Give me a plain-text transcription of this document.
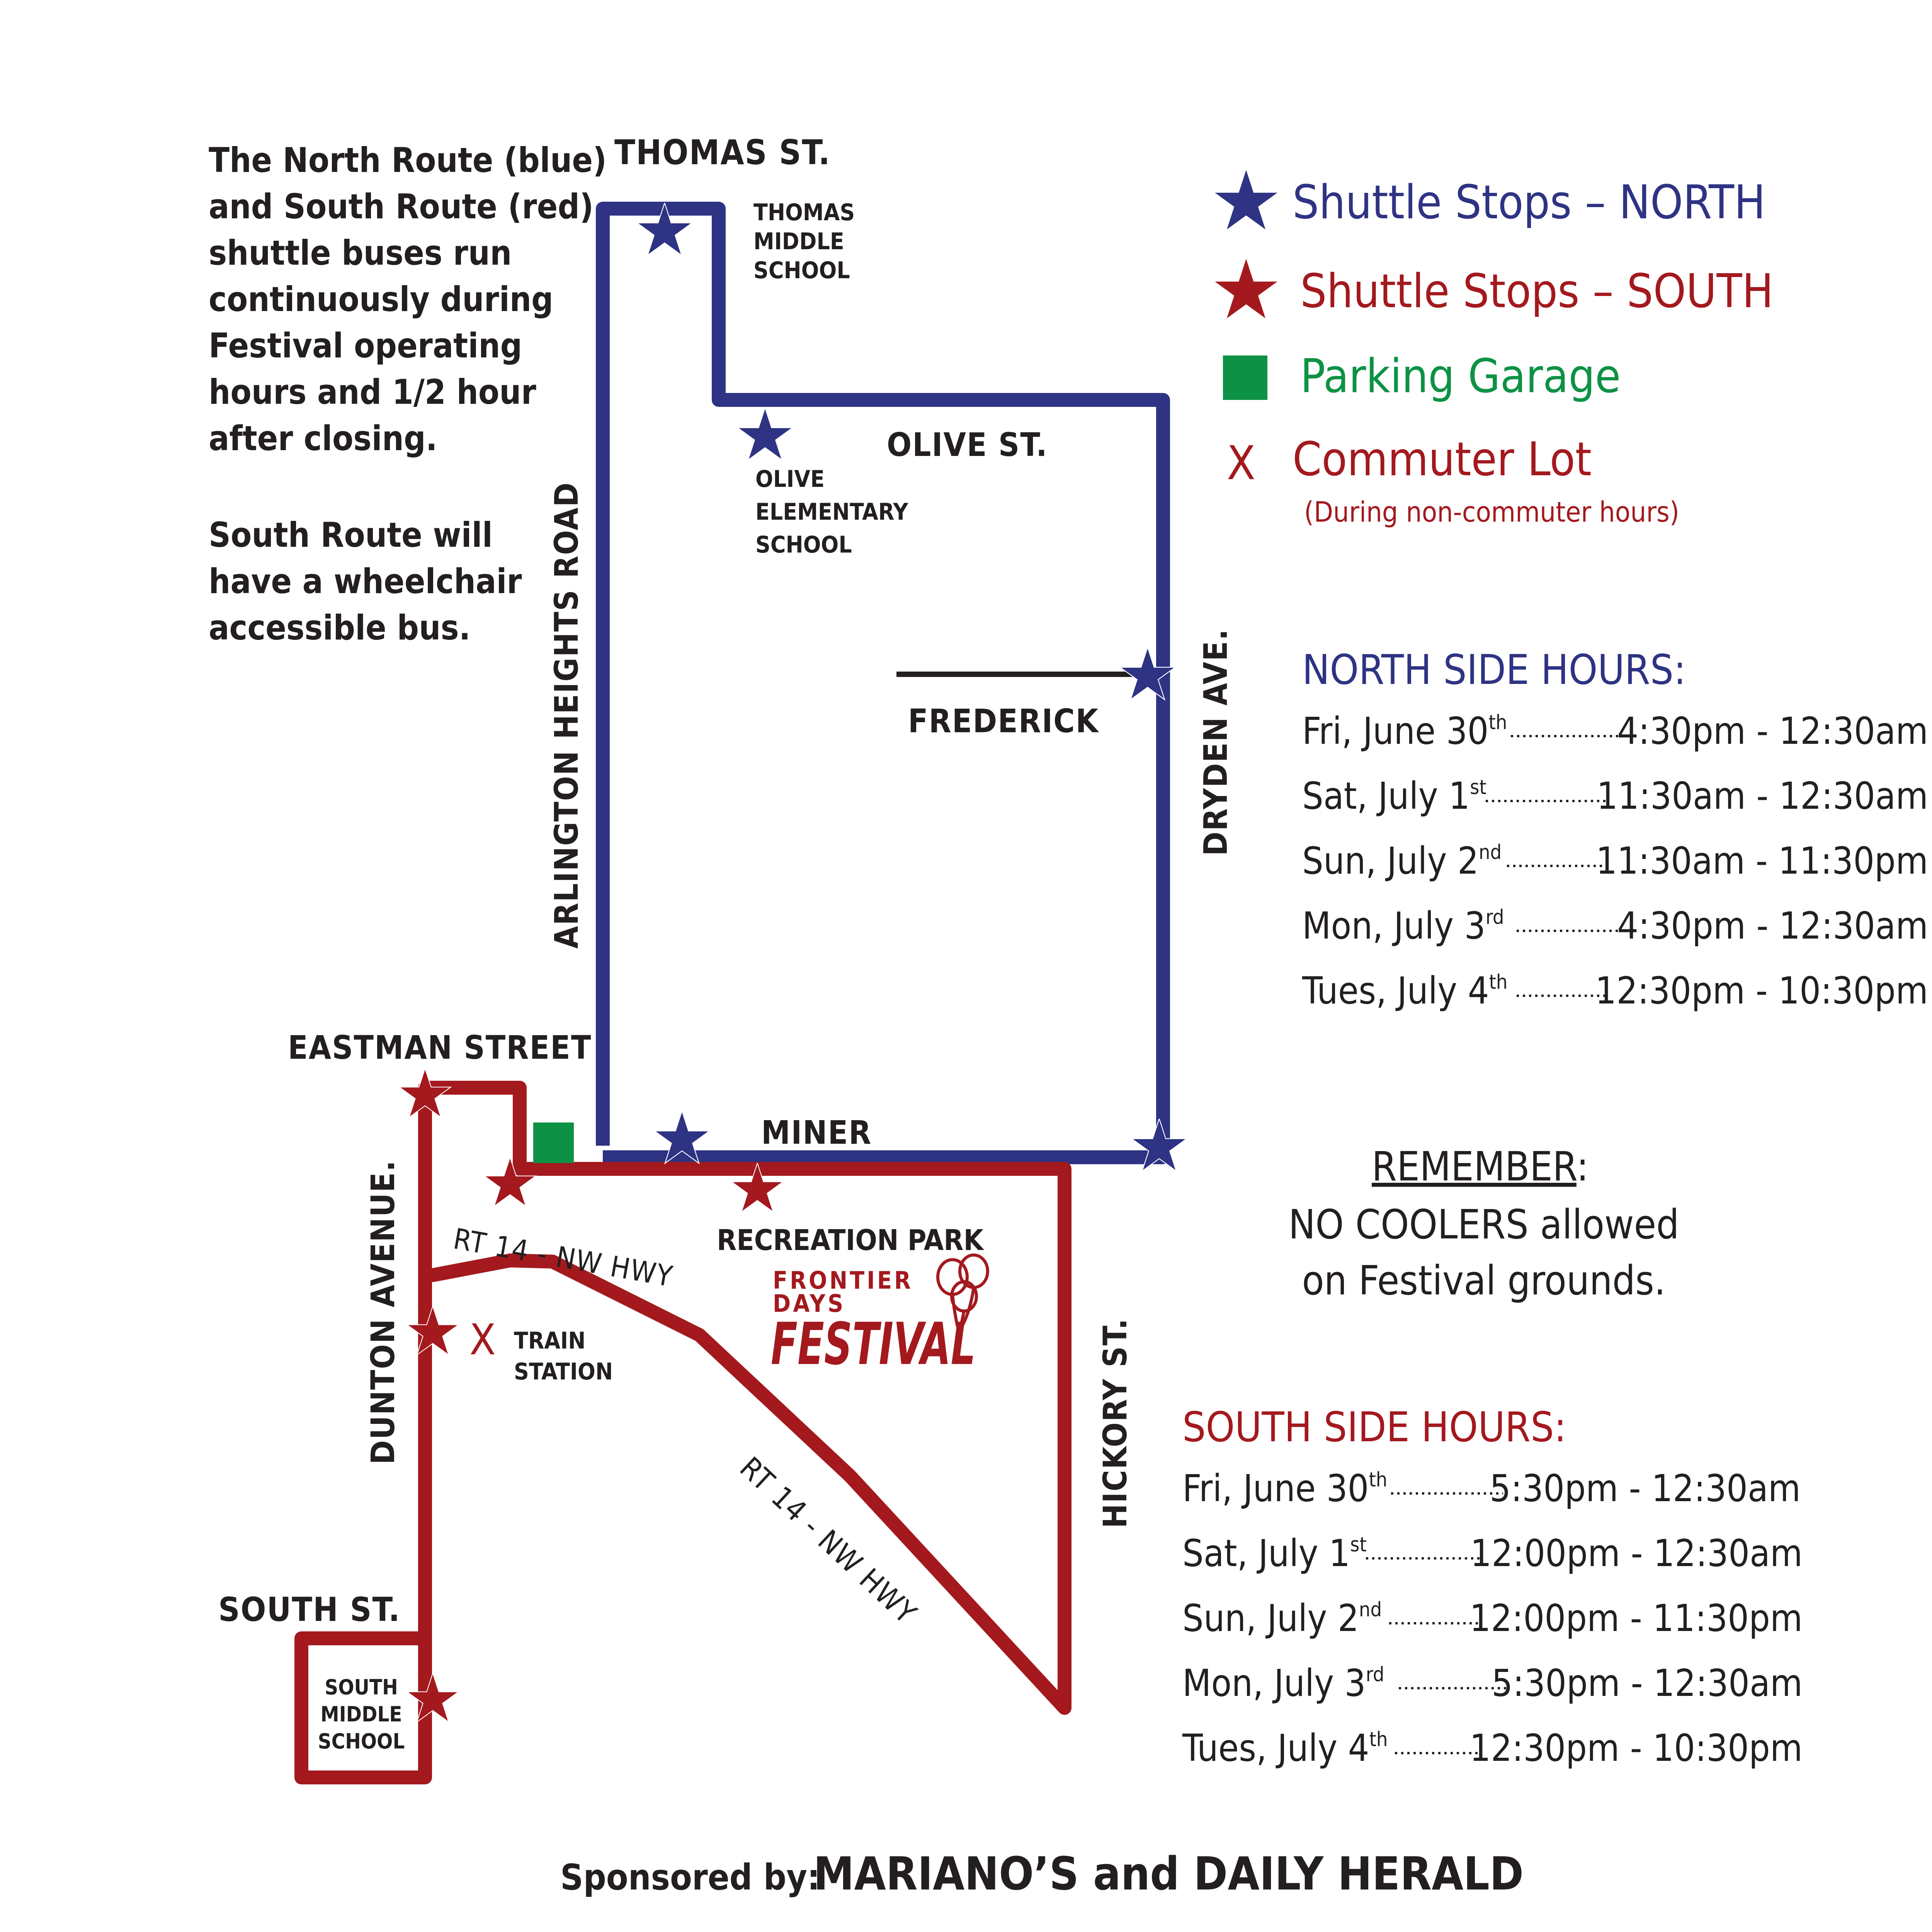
The North Route (blue)
and South Route (red)
shuttle buses run
continuously during
Festival operating
hours and 1/2 hour
after closing.
South Route will
have a wheelchair
accessible bus.
X
THOMAS ST.
OLIVE ST.
FREDERICK	DRYDEN AVE.
ARLINGTON HEIGHTS ROAD
EASTMAN STREET
MINER
DUNTON AVENUE. RT 14 - NW HWY
RT 14 - NW HWY
HICKORY ST.
SOUTH ST.
THOMAS
MIDDLE
SCHOOL
OLIVE
ELEMENTARY
SCHOOL
RECREATION PARK
TRAIN
STATION
SOUTH
MIDDLE
SCHOOL
FRONTIER
DAYS
FESTIVAL
Shuttle Stops – NORTH
Shuttle Stops – SOUTH
Parking Garage
X Commuter Lot
(During non-commuter hours)
NORTH SIDE HOURS:
Fri, June 30th	4:30pm - 12:30am
Sat, July 1st	11:30am - 12:30am
Sun, July 2nd	11:30am - 11:30pm
Mon, July 3rd	4:30pm - 12:30am
Tues, July 4th 12:30pm - 10:30pm
REMEMBER:
NO COOLERS allowed
on Festival grounds.
SOUTH SIDE HOURS:
Fri, June 30th	5:30pm - 12:30am
Sat, July 1st	12:00pm - 12:30am
Sun, July 2nd 12:00pm - 11:30pm
Mon, July 3rd	5:30pm - 12:30am
Tues, July 4th 12:30pm - 10:30pm
Sponsored by:
MARIANO’S and DAILY HERALD
